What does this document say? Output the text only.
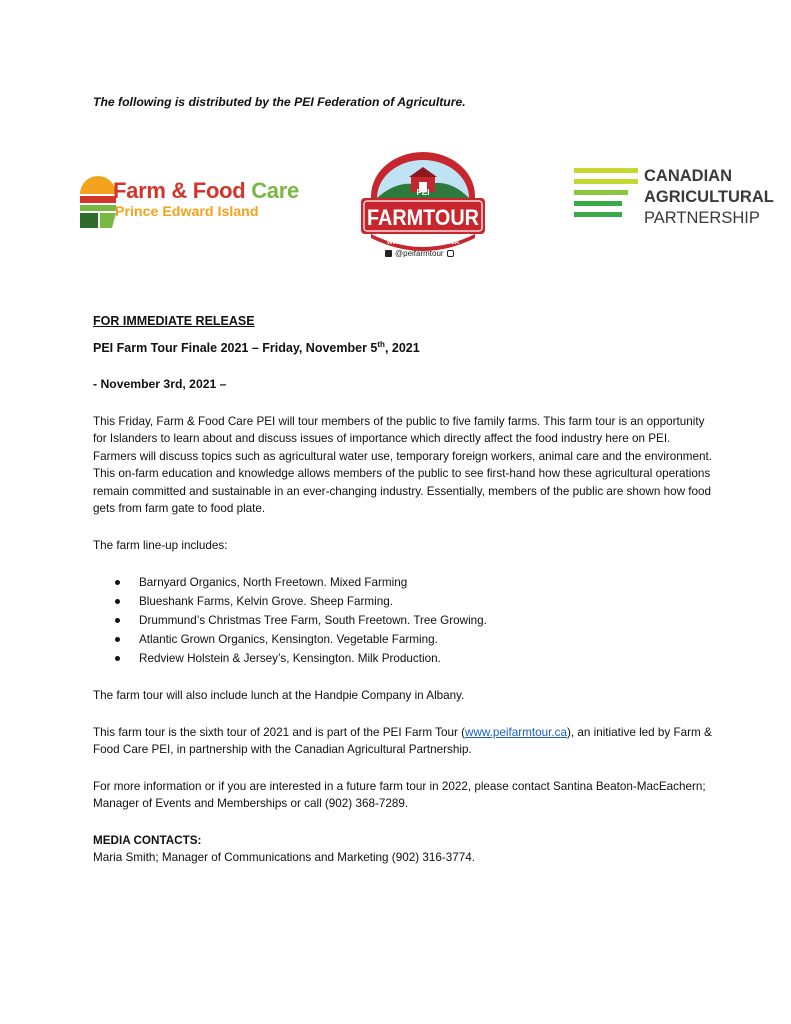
The following is distributed by the PEI Federation of Agriculture.
Farm & Food Care
Prince Edward Island
PEI
FARMTOUR
WWW.PEIFARMTOUR.CA
@peifarmtour
CANADIAN
AGRICULTURAL
PARTNERSHIP
FOR IMMEDIATE RELEASE
PEI Farm Tour Finale 2021 – Friday, November 5th, 2021
- November 3rd, 2021 –
This Friday, Farm & Food Care PEI will tour members of the public to five family farms. This farm tour is an opportunity for Islanders to learn about and discuss issues of importance which directly affect the food industry here on PEI. Farmers will discuss topics such as agricultural water use, temporary foreign workers, animal care and the environment. This on-farm education and knowledge allows members of the public to see first-hand how these agricultural operations remain committed and sustainable in an ever-changing industry. Essentially, members of the public are shown how food gets from farm gate to food plate.
The farm line-up includes:
Barnyard Organics, North Freetown. Mixed Farming
Blueshank Farms, Kelvin Grove. Sheep Farming.
Drummund’s Christmas Tree Farm, South Freetown. Tree Growing.
Atlantic Grown Organics, Kensington. Vegetable Farming.
Redview Holstein & Jersey’s, Kensington. Milk Production.
The farm tour will also include lunch at the Handpie Company in Albany.
This farm tour is the sixth tour of 2021 and is part of the PEI Farm Tour (www.peifarmtour.ca), an initiative led by Farm & Food Care PEI, in partnership with the Canadian Agricultural Partnership.
For more information or if you are interested in a future farm tour in 2022, please contact Santina Beaton-MacEachern; Manager of Events and Memberships or call (902) 368-7289.
MEDIA CONTACTS:
Maria Smith; Manager of Communications and Marketing (902) 316-3774.
